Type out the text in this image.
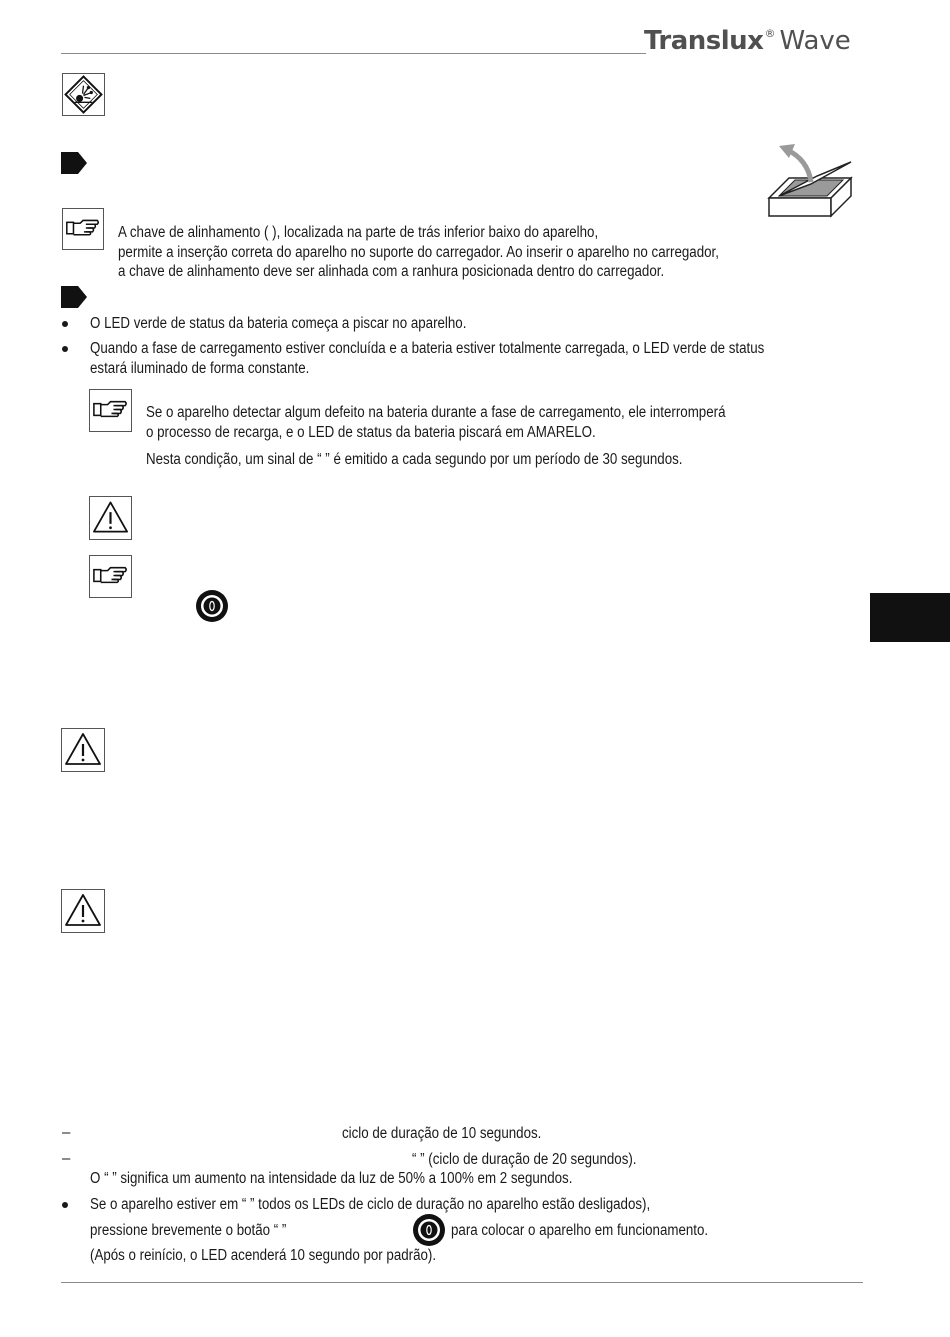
Translux® Wave
A chave de alinhamento ( ), localizada na parte de trás inferior baixo do aparelho,
permite a inserção correta do aparelho no suporte do carregador. Ao inserir o aparelho no carregador,
a chave de alinhamento deve ser alinhada com a ranhura posicionada dentro do carregador.
O LED verde de status da bateria começa a piscar no aparelho.
Quando a fase de carregamento estiver concluída e a bateria estiver totalmente carregada, o LED verde de status
estará iluminado de forma constante.
Se o aparelho detectar algum defeito na bateria durante a fase de carregamento, ele interromperá
o processo de recarga, e o LED de status da bateria piscará em AMARELO.
Nesta condição, um sinal de “ ” é emitido a cada segundo por um período de 30 segundos.
–	ciclo de duração de 10 segundos.
–	“ ” (ciclo de duração de 20 segundos).
O “ ” significa um aumento na intensidade da luz de 50% a 100% em 2 segundos.
Se o aparelho estiver em “ ” todos os LEDs de ciclo de duração no aparelho estão desligados),
pressione brevemente o botão “ ”	para colocar o aparelho em funcionamento.
(Após o reinício, o LED acenderá 10 segundo por padrão).
